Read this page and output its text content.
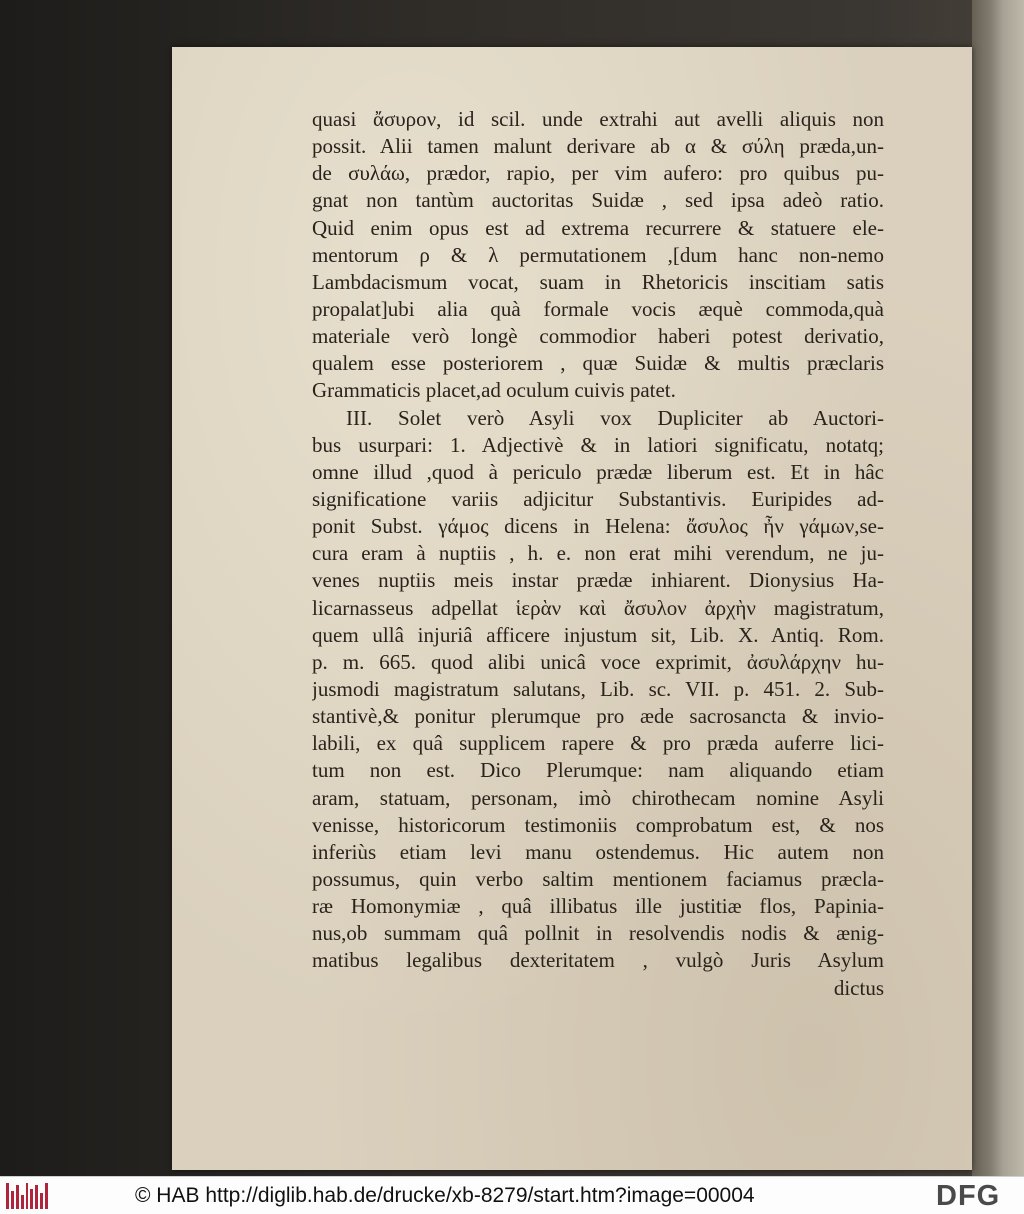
quasi ἄσυρον, id scil. unde extrahi aut avelli aliquis non
possit. Alii tamen malunt derivare ab α & σύλη præda,un-
de συλάω, prædor, rapio, per vim aufero: pro quibus pu-
gnat non tantùm auctoritas Suidæ , sed ipsa adeò ratio.
Quid enim opus est ad extrema recurrere & statuere ele-
mentorum ρ & λ permutationem ,[dum hanc non-nemo
Lambdacismum vocat, suam in Rhetoricis inscitiam satis
propalat]ubi alia quà formale vocis æquè commoda,quà
materiale verò longè commodior haberi potest derivatio,
qualem esse posteriorem , quæ Suidæ & multis præclaris
Grammaticis placet,ad oculum cuivis patet.
III. Solet verò Asyli vox Dupliciter ab Auctori-
bus usurpari: 1. Adjectivè & in latiori significatu, notatq;
omne illud ,quod à periculo prædæ liberum est. Et in hâc
significatione variis adjicitur Substantivis. Euripides ad-
ponit Subst. γάμος dicens in Helena: ἄσυλος ἦν γάμων,se-
cura eram à nuptiis , h. e. non erat mihi verendum, ne ju-
venes nuptiis meis instar prædæ inhiarent. Dionysius Ha-
licarnasseus adpellat ἱερὰν καὶ ἄσυλον ἀρχὴν magistratum,
quem ullâ injuriâ afficere injustum sit, Lib. X. Antiq. Rom.
p. m. 665. quod alibi unicâ voce exprimit, ἀσυλάρχην hu-
jusmodi magistratum salutans, Lib. sc. VII. p. 451. 2. Sub-
stantivè,& ponitur plerumque pro æde sacrosancta & invio-
labili, ex quâ supplicem rapere & pro præda auferre lici-
tum non est. Dico Plerumque: nam aliquando etiam
aram, statuam, personam, imò chirothecam nomine Asyli
venisse, historicorum testimoniis comprobatum est, & nos
inferiùs etiam levi manu ostendemus. Hic autem non
possumus, quin verbo saltim mentionem faciamus præcla-
ræ Homonymiæ , quâ illibatus ille justitiæ flos, Papinia-
nus,ob summam quâ pollnit in resolvendis nodis & ænig-
matibus legalibus dexteritatem , vulgò Juris Asylum
dictus
© HAB http://diglib.hab.de/drucke/xb-8279/start.htm?image=00004	DFG
